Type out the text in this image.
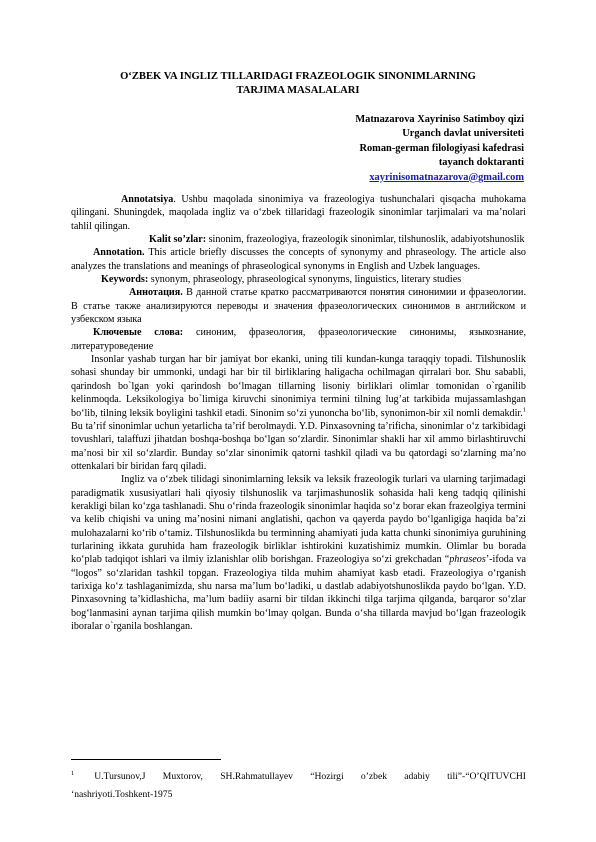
O‘ZBEK VA INGLIZ TILLARIDAGI FRAZEOLOGIK SINONIMLARNING
TARJIMA MASALALARI
Matnazarova Xayriniso Satimboy qizi
Urganch davlat universiteti
Roman-german filologiyasi kafedrasi
tayanch doktaranti
xayrinisomatnazarova@gmail.com

Annotatsiya. Ushbu maqolada sinonimiya va frazeologiya tushunchalari qisqacha muhokama qilingani. Shuningdek, maqolada ingliz va o‘zbek tillaridagi frazeologik sinonimlar tarjimalari va ma’nolari tahlil qilingan.

Kalit so’zlar: sinonim, frazeologiya, frazeologik sinonimlar, tilshunoslik, adabiyotshunoslik

Annotation. This article briefly discusses the concepts of synonymy and phraseology. The article also analyzes the translations and meanings of phraseological synonyms in English and Uzbek languages.

Keywords: synonym, phraseology, phraseological synonyms, linguistics, literary studies

Аннотация. В данной статье кратко рассматриваются понятия синонимии и фразеологии. В статье также анализируются переводы и значения фразеологических синонимов в английском и узбекском языка

Ключевые слова: синоним, фразеология, фразеологические синонимы, языкознание, литературоведение

Insonlar yashab turgan har bir jamiyat bor ekanki, uning tili kundan-kunga taraqqiy topadi. Tilshunoslik sohasi shunday bir ummonki, undagi har bir til birliklaring haligacha ochilmagan qirralari bor. Shu sababli, qarindosh bo`lgan yoki qarindosh bo‘lmagan tillarning lisoniy birliklari olimlar tomonidan o`rganilib kelinmoqda. Leksikologiya bo`limiga kiruvchi sinonimiya termini tilning lug’at tarkibida mujassamlashgan bo‘lib, tilning leksik boyligini tashkil etadi. Sinonim so‘zi yunoncha bo‘lib, synonimon-bir xil nomli demakdir.$^1$ Bu ta’rif sinonimlar uchun yetarlicha ta’rif berolmaydi. Y.D. Pinxasovning ta’rificha, sinonimlar o‘z tarkibidagi tovushlari, talaffuzi jihatdan boshqa-boshqa bo‘lgan so‘zlardir. Sinonimlar shakli har xil ammo birlashtiruvchi ma’nosi bir xil so‘zlardir. Bunday so‘zlar sinonimik qatorni tashkil qiladi va bu qatordagi so‘zlarning ma’no ottenkalari bir biridan farq qiladi.

Ingliz va o‘zbek tilidagi sinonimlarning leksik va leksik frazeologik turlari va ularning tarjimadagi paradigmatik xususiyatlari hali qiyosiy tilshunoslik va tarjimashunoslik sohasida hali keng tadqiq qilinishi kerakligi bilan ko‘zga tashlanadi. Shu o‘rinda frazeologik sinonimlar haqida so‘z borar ekan frazeolgiya termini va kelib chiqishi va uning ma’nosini nimani anglatishi, qachon va qayerda paydo bo‘lganligiga haqida ba’zi mulohazalarni ko‘rib o‘tamiz. Tilshunoslikda bu terminning ahamiyati juda katta chunki sinonimiya guruhining turlarining ikkata guruhida ham frazeologik birliklar ishtirokini kuzatishimiz mumkin. Olimlar bu borada ko‘plab tadqiqot ishlari va ilmiy izlanishlar olib borishgan. Frazeologiya so‘zi grekchadan “phraseos’-ifoda va “logos” so‘zlaridan tashkil topgan. Frazeologiya tilda muhim ahamiyat kasb etadi. Frazeologiya o‘rganish tarixiga ko‘z tashlaganimizda, shu narsa ma’lum bo‘ladiki, u dastlab adabiyotshunoslikda paydo bo‘lgan. Y.D. Pinxasovning ta’kidlashicha, ma’lum badiiy asarni bir tildan ikkinchi tilga tarjima qilganda, barqaror so‘zlar bog‘lanmasini aynan tarjima qilish mumkin bo‘lmay qolgan. Bunda o‘sha tillarda mavjud bo‘lgan frazeologik iboralar o`rganila boshlangan.

$^1$ U.Tursunov,J Muxtorov, SH.Rahmatullayev “Hozirgi o’zbek adabiy tili”-“O’QITUVCHI
‘nashriyoti.Toshkent-1975
